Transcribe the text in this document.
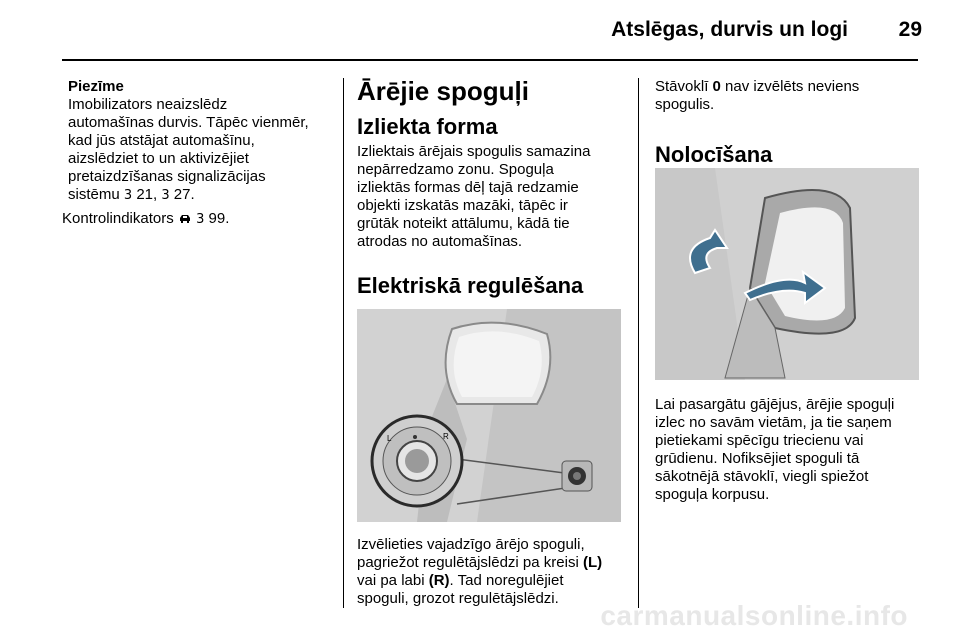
Atslēgas, durvis un logi 29
Piezīme
Imobilizators neaizslēdz
automašīnas durvis. Tāpēc vienmēr,
kad jūs atstājat automašīnu,
aizslēdziet to un aktivizējiet
pretaizdzīšanas signalizācijas
sistēmu 3 21, 3 27.
Kontrolindikators  3 99.
Ārējie spoguļi
Izliekta forma
Izliektais ārējais spogulis samazina
nepārredzamo zonu. Spoguļa
izliektās formas dēļ tajā redzamie
objekti izskatās mazāki, tāpēc ir
grūtāk noteikt attālumu, kādā tie
atrodas no automašīnas.
Elektriskā regulēšana
L	R
Izvēlieties vajadzīgo ārējo spoguli,
pagriežot regulētājslēdzi pa kreisi (L)
vai pa labi (R). Tad noregulējiet
spoguli, grozot regulētājslēdzi.
Stāvoklī 0 nav izvēlēts neviens
spogulis.
Nolocīšana
Lai pasargātu gājējus, ārējie spoguļi
izlec no savām vietām, ja tie saņem
pietiekami spēcīgu triecienu vai
grūdienu. Nofiksējiet spoguli tā
sākotnējā stāvoklī, viegli spiežot
spoguļa korpusu.
carmanualsonline.info
